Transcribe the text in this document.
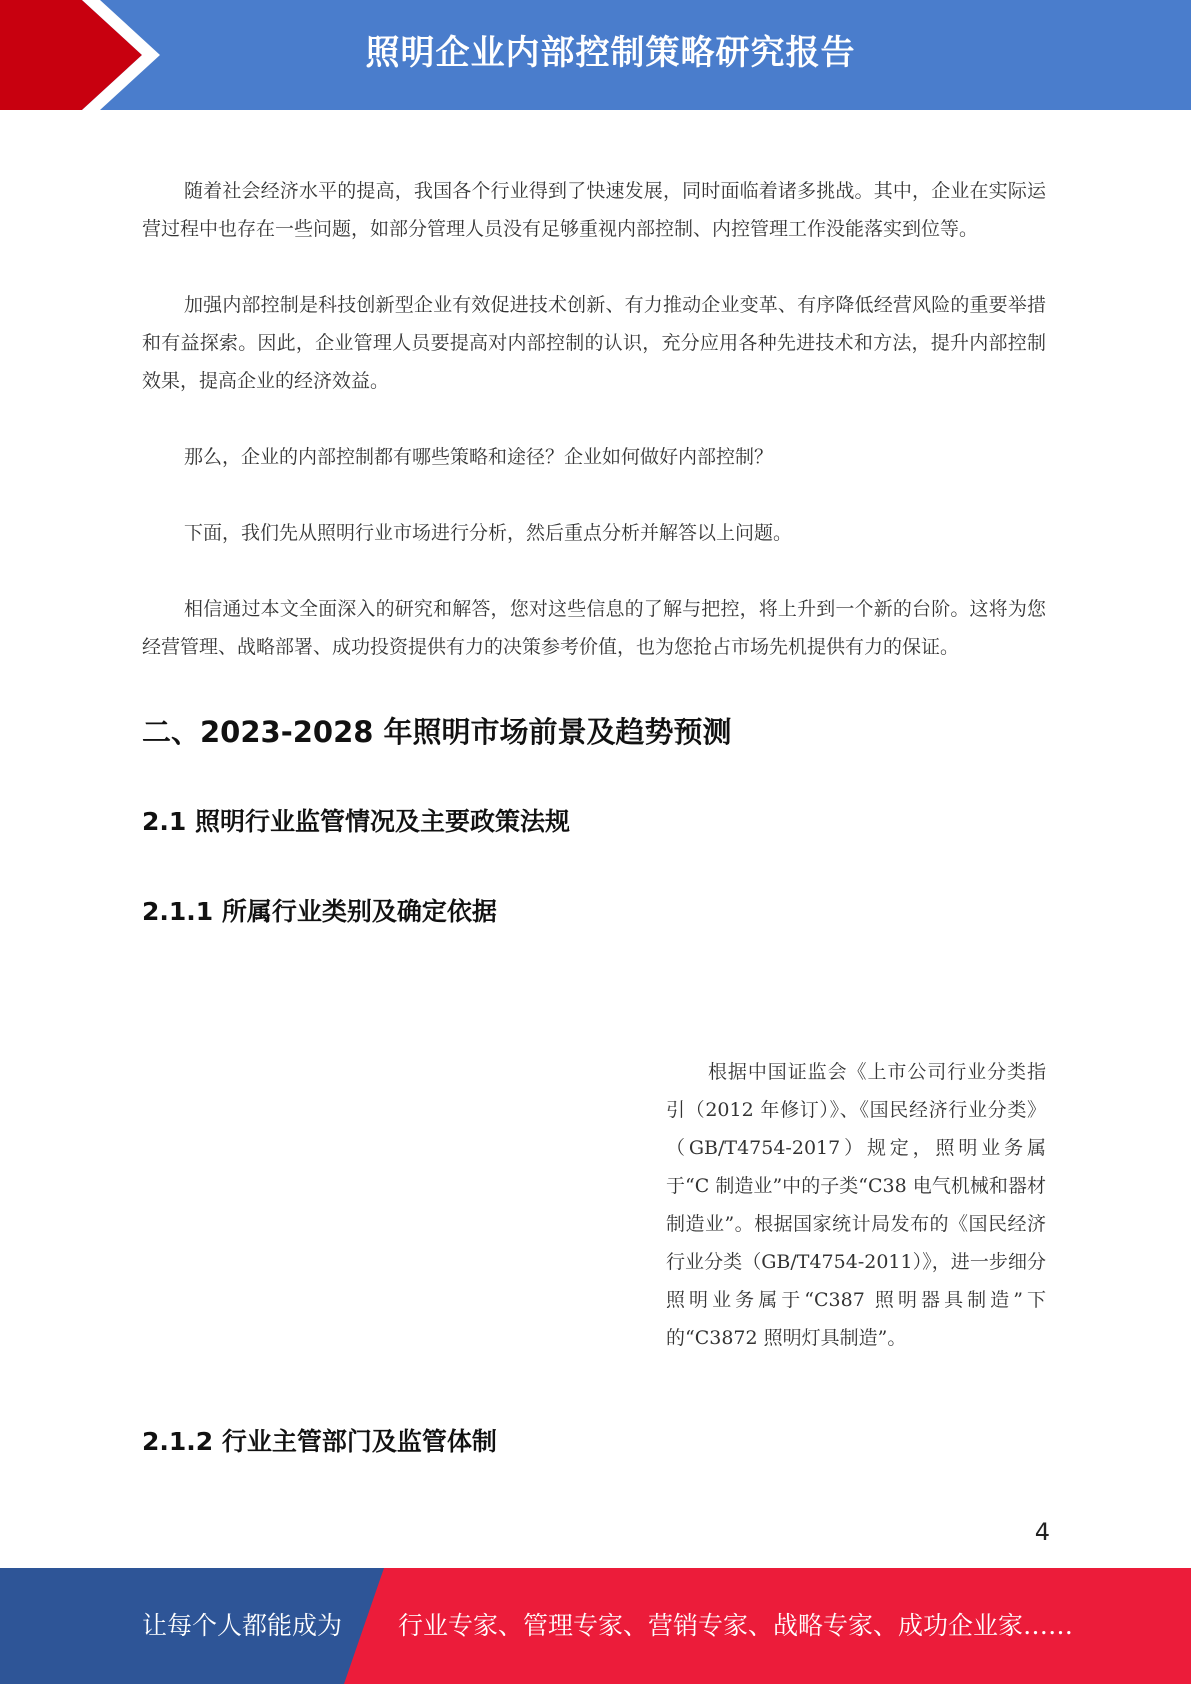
照明企业内部控制策略研究报告

随着社会经济水平的提高，我国各个行业得到了快速发展，同时面临着诸多挑战。其中，企业在实际运营过程中也存在一些问题，如部分管理人员没有足够重视内部控制、内控管理工作没能落实到位等。

加强内部控制是科技创新型企业有效促进技术创新、有力推动企业变革、有序降低经营风险的重要举措和有益探索。因此，企业管理人员要提高对内部控制的认识，充分应用各种先进技术和方法，提升内部控制效果，提高企业的经济效益。

那么，企业的内部控制都有哪些策略和途径？企业如何做好内部控制？

下面，我们先从照明行业市场进行分析，然后重点分析并解答以上问题。

相信通过本文全面深入的研究和解答，您对这些信息的了解与把控，将上升到一个新的台阶。这将为您经营管理、战略部署、成功投资提供有力的决策参考价值，也为您抢占市场先机提供有力的保证。

二、2023-2028 年照明市场前景及趋势预测
2.1 照明行业监管情况及主要政策法规
2.1.1 所属行业类别及确定依据

根据中国证监会《上市公司行业分类指引（2012 年修订）》、《国民经济行业分类》（GB/T4754-2017）规定，照明业务属于“C 制造业”中的子类“C38 电气机械和器材制造业”。根据国家统计局发布的《国民经济行业分类（GB/T4754-2011）》，进一步细分照明业务属于“C387 照明器具制造”下的“C3872 照明灯具制造”。

2.1.2 行业主管部门及监管体制
4
让每个人都能成为 行业专家、管理专家、营销专家、战略专家、成功企业家……
